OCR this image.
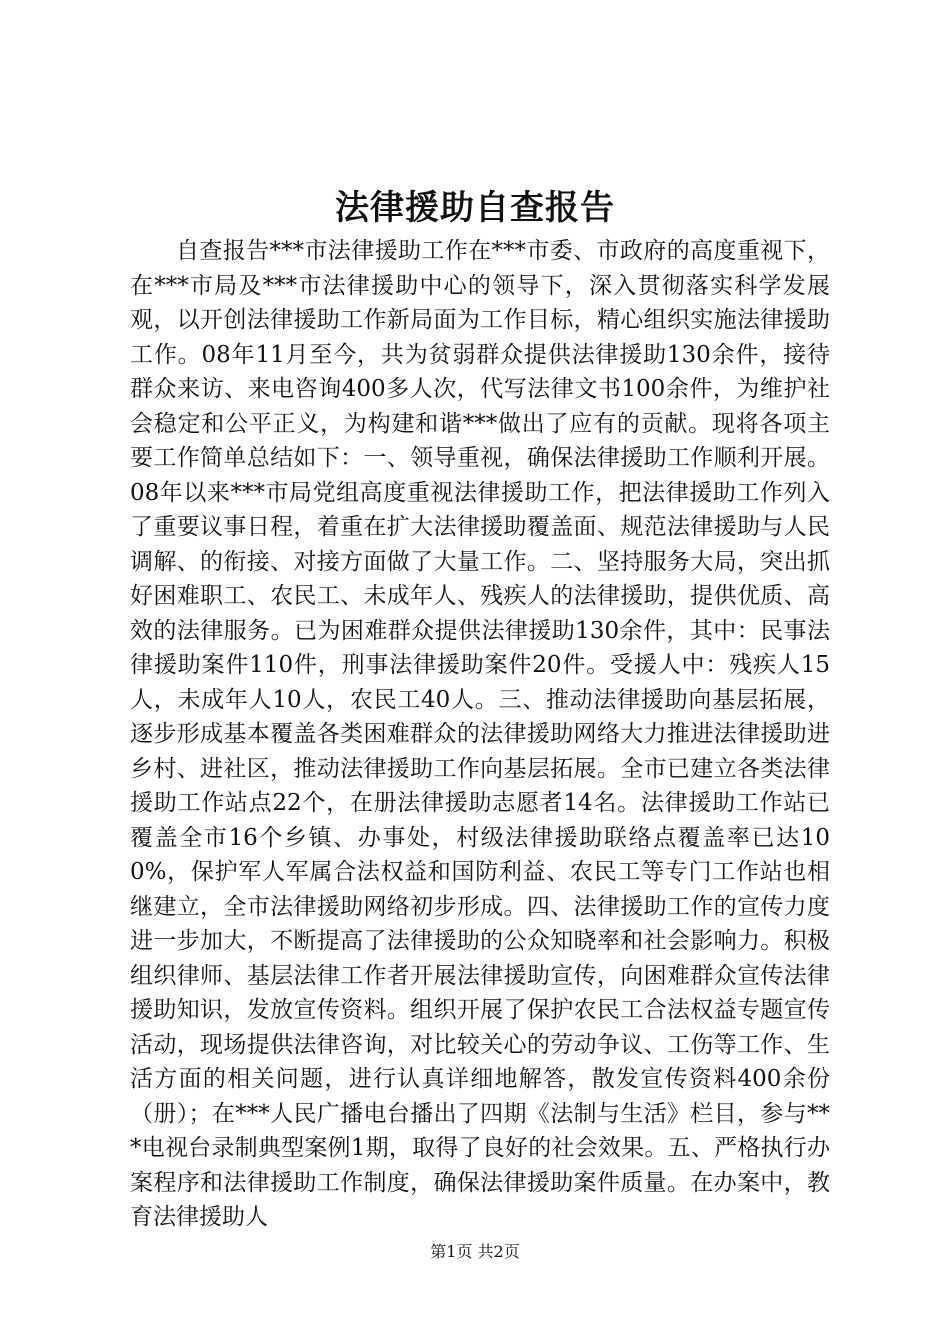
法律援助自查报告

自查报告***市法律援助工作在***市委、市政府的高度重视下，在***市局及***市法律援助中心的领导下，深入贯彻落实科学发展观，以开创法律援助工作新局面为工作目标，精心组织实施法律援助工作。08年11月至今，共为贫弱群众提供法律援助130余件，接待群众来访、来电咨询400多人次，代写法律文书100余件，为维护社会稳定和公平正义，为构建和谐***做出了应有的贡献。现将各项主要工作简单总结如下：一、领导重视，确保法律援助工作顺利开展。08年以来***市局党组高度重视法律援助工作，把法律援助工作列入了重要议事日程，着重在扩大法律援助覆盖面、规范法律援助与人民调解、的衔接、对接方面做了大量工作。二、坚持服务大局，突出抓好困难职工、农民工、未成年人、残疾人的法律援助，提供优质、高效的法律服务。已为困难群众提供法律援助130余件，其中：民事法律援助案件110件，刑事法律援助案件20件。受援人中：残疾人15人，未成年人10人，农民工40人。三、推动法律援助向基层拓展，逐步形成基本覆盖各类困难群众的法律援助网络大力推进法律援助进乡村、进社区，推动法律援助工作向基层拓展。全市已建立各类法律援助工作站点22个，在册法律援助志愿者14名。法律援助工作站已覆盖全市16个乡镇、办事处，村级法律援助联络点覆盖率已达100%，保护军人军属合法权益和国防利益、农民工等专门工作站也相继建立，全市法律援助网络初步形成。四、法律援助工作的宣传力度进一步加大，不断提高了法律援助的公众知晓率和社会影响力。积极组织律师、基层法律工作者开展法律援助宣传，向困难群众宣传法律援助知识，发放宣传资料。组织开展了保护农民工合法权益专题宣传活动，现场提供法律咨询，对比较关心的劳动争议、工伤等工作、生活方面的相关问题，进行认真详细地解答，散发宣传资料400余份（册）；在***人民广播电台播出了四期《法制与生活》栏目，参与***电视台录制典型案例1期，取得了良好的社会效果。五、严格执行办案程序和法律援助工作制度，确保法律援助案件质量。在办案中，教育法律援助人

第1页 共2页
